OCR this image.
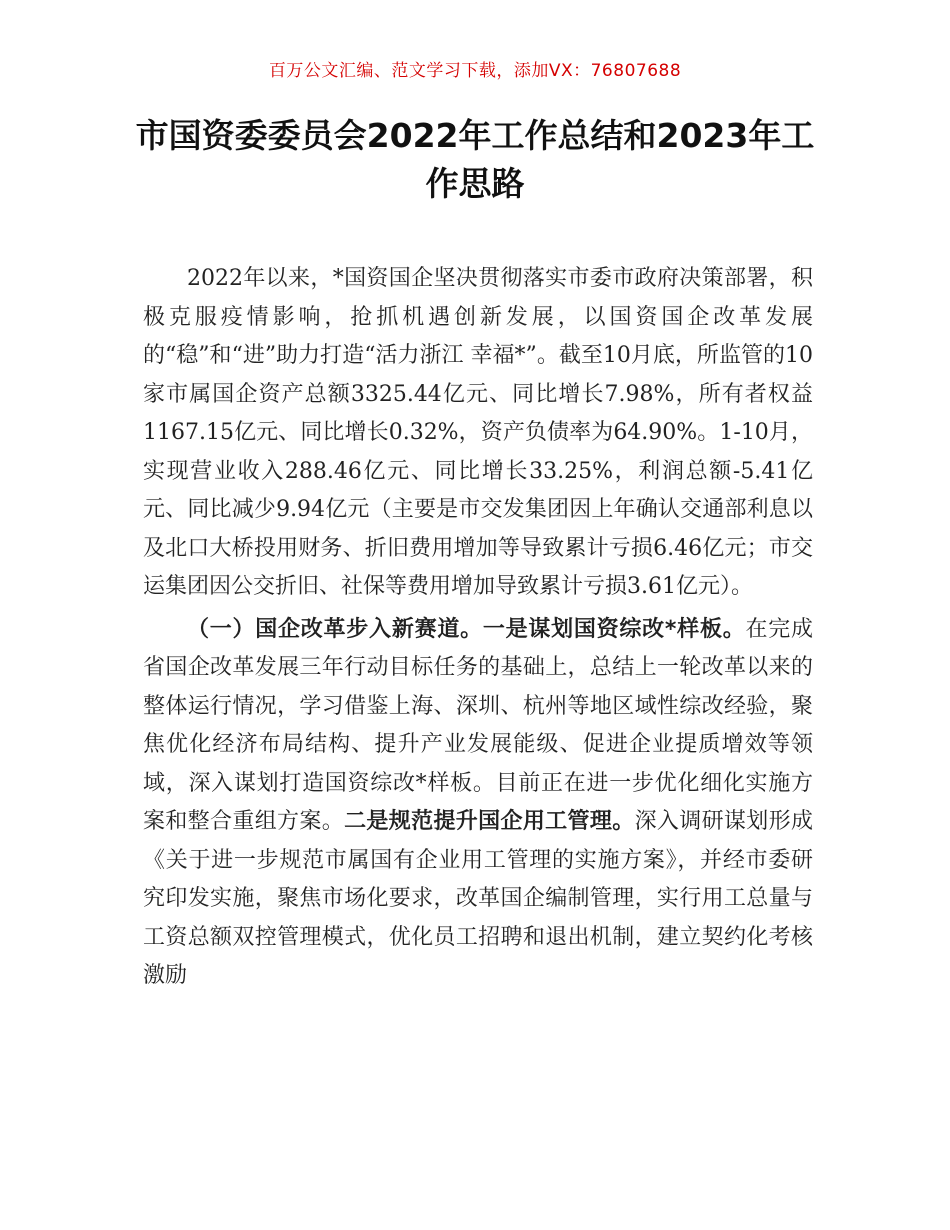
百万公文汇编、范文学习下载，添加VX：76807688
市国资委委员会2022年工作总结和2023年工作思路

2022年以来，*国资国企坚决贯彻落实市委市政府决策部署，积极克服疫情影响，抢抓机遇创新发展，以国资国企改革发展的“稳”和“进”助力打造“活力浙江 幸福*”。截至10月底，所监管的10家市属国企资产总额3325.44亿元、同比增长7.98%，所有者权益1167.15亿元、同比增长0.32%，资产负债率为64.90%。1-10月，实现营业收入288.46亿元、同比增长33.25%，利润总额-5.41亿元、同比减少9.94亿元（主要是市交发集团因上年确认交通部利息以及北口大桥投用财务、折旧费用增加等导致累计亏损6.46亿元；市交运集团因公交折旧、社保等费用增加导致累计亏损3.61亿元）。

（一）国企改革步入新赛道。一是谋划国资综改*样板。在完成省国企改革发展三年行动目标任务的基础上，总结上一轮改革以来的整体运行情况，学习借鉴上海、深圳、杭州等地区域性综改经验，聚焦优化经济布局结构、提升产业发展能级、促进企业提质增效等领域，深入谋划打造国资综改*样板。目前正在进一步优化细化实施方案和整合重组方案。二是规范提升国企用工管理。深入调研谋划形成《关于进一步规范市属国有企业用工管理的实施方案》，并经市委研究印发实施，聚焦市场化要求，改革国企编制管理，实行用工总量与工资总额双控管理模式，优化员工招聘和退出机制，建立契约化考核激励
